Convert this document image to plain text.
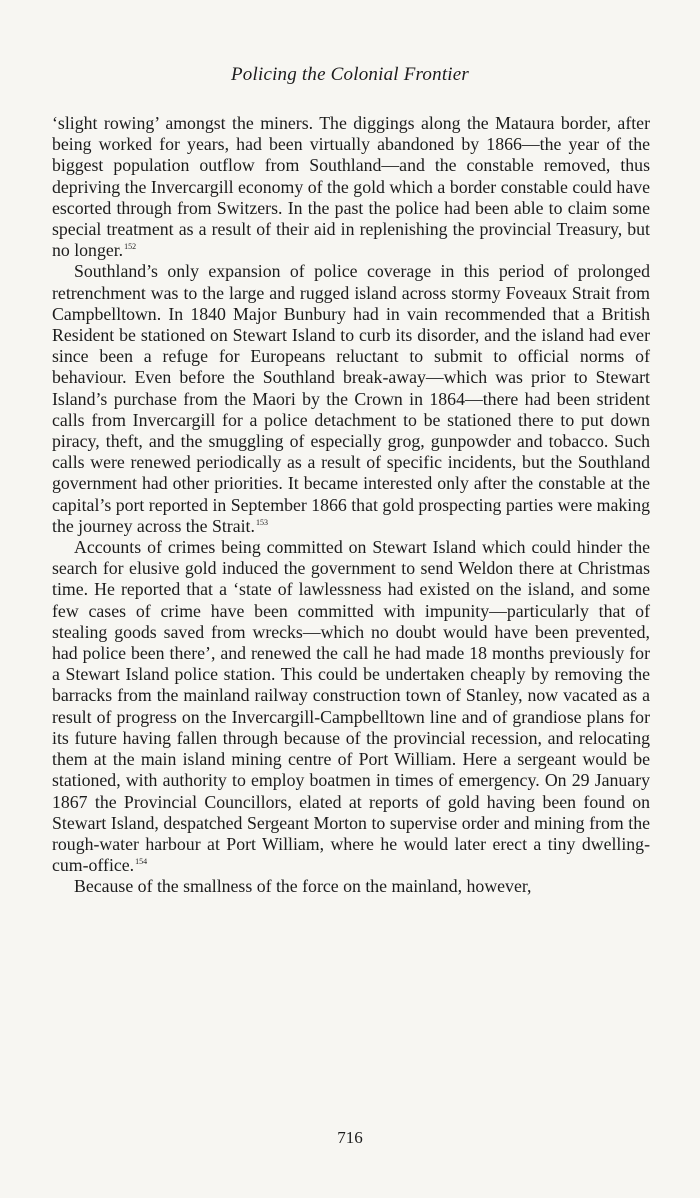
Policing the Colonial Frontier

‘slight rowing’ amongst the miners. The diggings along the Mataura border, after being worked for years, had been virtually abandoned by 1866—the year of the biggest population outflow from Southland—and the constable removed, thus depriving the Invercargill economy of the gold which a border constable could have escorted through from Switzers. In the past the police had been able to claim some special treatment as a result of their aid in replenishing the provincial Treasury, but no longer.$^{152}$

Southland’s only expansion of police coverage in this period of prolonged retrenchment was to the large and rugged island across stormy Foveaux Strait from Campbelltown. In 1840 Major Bunbury had in vain recommended that a British Resident be stationed on Stewart Island to curb its disorder, and the island had ever since been a refuge for Europeans reluctant to submit to official norms of behaviour. Even before the Southland break-away—which was prior to Stewart Island’s purchase from the Maori by the Crown in 1864—there had been strident calls from Invercargill for a police detachment to be stationed there to put down piracy, theft, and the smuggling of especially grog, gunpowder and tobacco. Such calls were renewed periodically as a result of specific incidents, but the Southland government had other priorities. It became interested only after the constable at the capital’s port reported in September 1866 that gold prospecting parties were making the journey across the Strait.$^{153}$

Accounts of crimes being committed on Stewart Island which could hinder the search for elusive gold induced the government to send Weldon there at Christmas time. He reported that a ‘state of lawlessness had existed on the island, and some few cases of crime have been committed with impunity—particularly that of stealing goods saved from wrecks—which no doubt would have been prevented, had police been there’, and renewed the call he had made 18 months previously for a Stewart Island police station. This could be undertaken cheaply by removing the barracks from the mainland railway construction town of Stanley, now vacated as a result of progress on the Invercargill-Campbelltown line and of grandiose plans for its future having fallen through because of the provincial recession, and relocating them at the main island mining centre of Port William. Here a sergeant would be stationed, with authority to employ boatmen in times of emergency. On 29 January 1867 the Provincial Councillors, elated at reports of gold having been found on Stewart Island, despatched Sergeant Morton to supervise order and mining from the rough-water harbour at Port William, where he would later erect a tiny dwelling-cum-office.$^{154}$

Because of the smallness of the force on the mainland, however,

716
